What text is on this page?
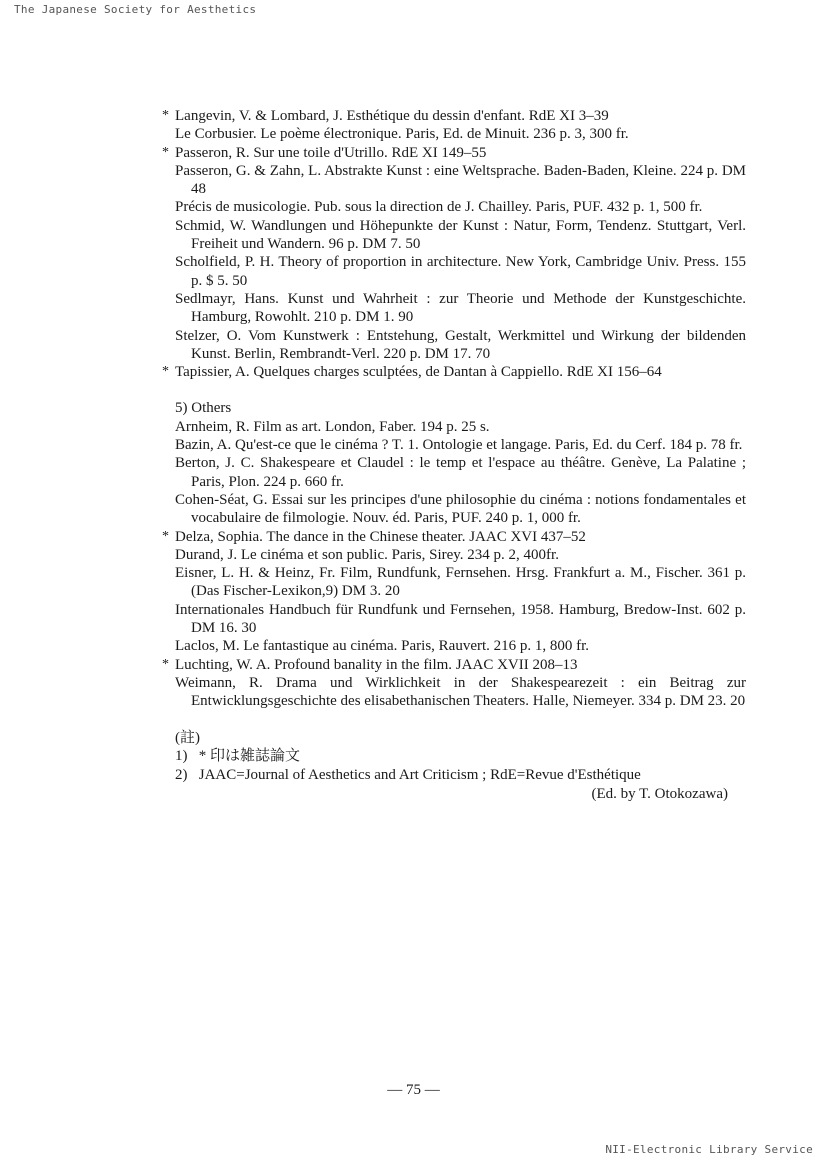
The Japanese Society for Aesthetics
* Langevin, V. & Lombard, J. Esthétique du dessin d'enfant. RdE XI 3–39
Le Corbusier. Le poème électronique. Paris, Ed. de Minuit. 236 p. 3, 300 fr.
* Passeron, R. Sur une toile d'Utrillo. RdE XI 149–55
Passeron, G. & Zahn, L. Abstrakte Kunst : eine Weltsprache. Baden-Baden, Kleine. 224 p. DM 48
Précis de musicologie. Pub. sous la direction de J. Chailley. Paris, PUF. 432 p. 1, 500 fr.
Schmid, W. Wandlungen und Höhepunkte der Kunst : Natur, Form, Tendenz. Stuttgart, Verl. Freiheit und Wandern. 96 p. DM 7. 50
Scholfield, P. H. Theory of proportion in architecture. New York, Cambridge Univ. Press. 155 p. $ 5. 50
Sedlmayr, Hans. Kunst und Wahrheit : zur Theorie und Methode der Kunstgeschichte. Hamburg, Rowohlt. 210 p. DM 1. 90
Stelzer, O. Vom Kunstwerk : Entstehung, Gestalt, Werkmittel und Wirkung der bildenden Kunst. Berlin, Rembrandt-Verl. 220 p. DM 17. 70
* Tapissier, A. Quelques charges sculptées, de Dantan à Cappiello. RdE XI 156–64
5) Others
Arnheim, R. Film as art. London, Faber. 194 p. 25 s.
Bazin, A. Qu'est-ce que le cinéma ? T. 1. Ontologie et langage. Paris, Ed. du Cerf. 184 p. 78 fr.
Berton, J. C. Shakespeare et Claudel : le temp et l'espace au théâtre. Genève, La Palatine ; Paris, Plon. 224 p. 660 fr.
Cohen-Séat, G. Essai sur les principes d'une philosophie du cinéma : notions fondamentales et vocabulaire de filmologie. Nouv. éd. Paris, PUF. 240 p. 1, 000 fr.
* Delza, Sophia. The dance in the Chinese theater. JAAC XVI 437–52
Durand, J. Le cinéma et son public. Paris, Sirey. 234 p. 2, 400fr.
Eisner, L. H. & Heinz, Fr. Film, Rundfunk, Fernsehen. Hrsg. Frankfurt a. M., Fischer. 361 p. (Das Fischer-Lexikon,9) DM 3. 20
Internationales Handbuch für Rundfunk und Fernsehen, 1958. Hamburg, Bredow-Inst. 602 p. DM 16. 30
Laclos, M. Le fantastique au cinéma. Paris, Rauvert. 216 p. 1, 800 fr.
* Luchting, W. A. Profound banality in the film. JAAC XVII 208–13
Weimann, R. Drama und Wirklichkeit in der Shakespearezeit : ein Beitrag zur Entwicklungsgeschichte des elisabethanischen Theaters. Halle, Niemeyer. 334 p. DM 23. 20
(註)
1) * 印は雑誌論文
2) JAAC=Journal of Aesthetics and Art Criticism ; RdE=Revue d'Esthétique
(Ed. by T. Otokozawa)
— 75 —
NII-Electronic Library Service
